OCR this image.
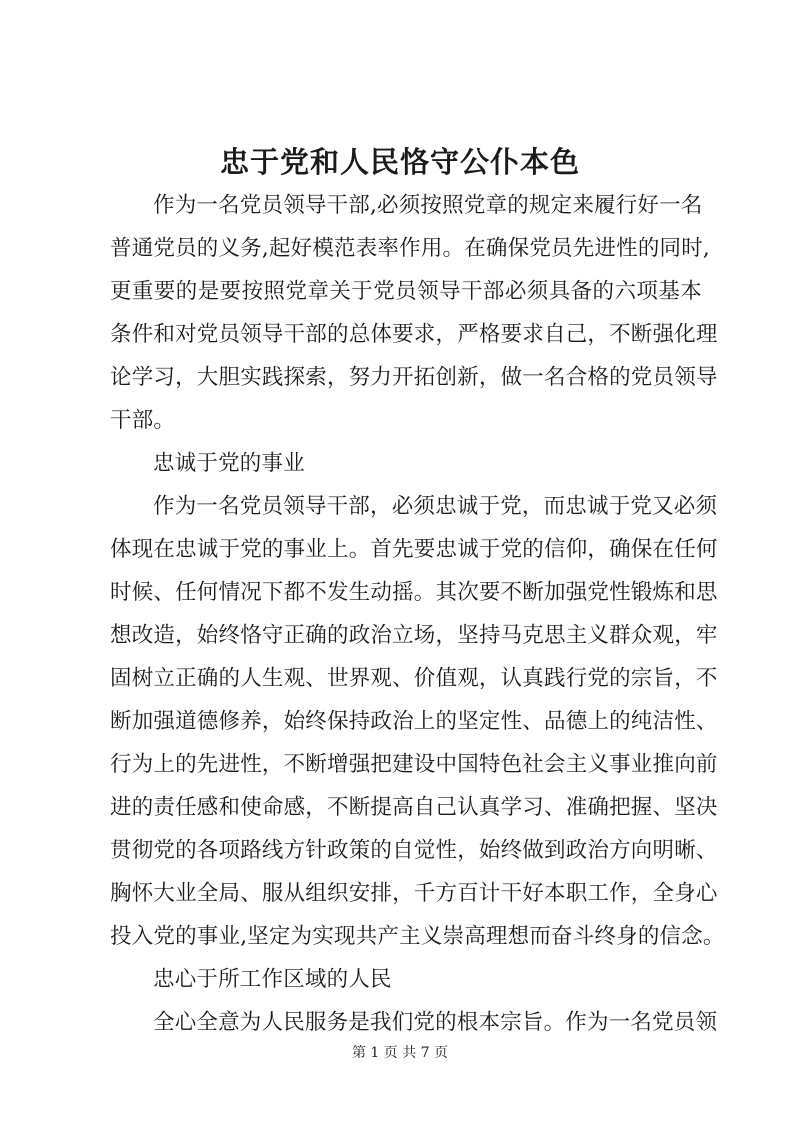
忠于党和人民恪守公仆本色
作为一名党员领导干部,必须按照党章的规定来履行好一名
普通党员的义务,起好模范表率作用。在确保党员先进性的同时,
更重要的是要按照党章关于党员领导干部必须具备的六项基本
条件和对党员领导干部的总体要求，严格要求自己，不断强化理
论学习，大胆实践探索，努力开拓创新，做一名合格的党员领导
干部。
忠诚于党的事业
作为一名党员领导干部，必须忠诚于党，而忠诚于党又必须
体现在忠诚于党的事业上。首先要忠诚于党的信仰，确保在任何
时候、任何情况下都不发生动摇。其次要不断加强党性锻炼和思
想改造，始终恪守正确的政治立场，坚持马克思主义群众观，牢
固树立正确的人生观、世界观、价值观，认真践行党的宗旨，不
断加强道德修养，始终保持政治上的坚定性、品德上的纯洁性、
行为上的先进性，不断增强把建设中国特色社会主义事业推向前
进的责任感和使命感，不断提高自己认真学习、准确把握、坚决
贯彻党的各项路线方针政策的自觉性，始终做到政治方向明晰、
胸怀大业全局、服从组织安排，千方百计干好本职工作，全身心
投入党的事业,坚定为实现共产主义崇高理想而奋斗终身的信念。
忠心于所工作区域的人民
全心全意为人民服务是我们党的根本宗旨。作为一名党员领
第 1 页 共 7 页
